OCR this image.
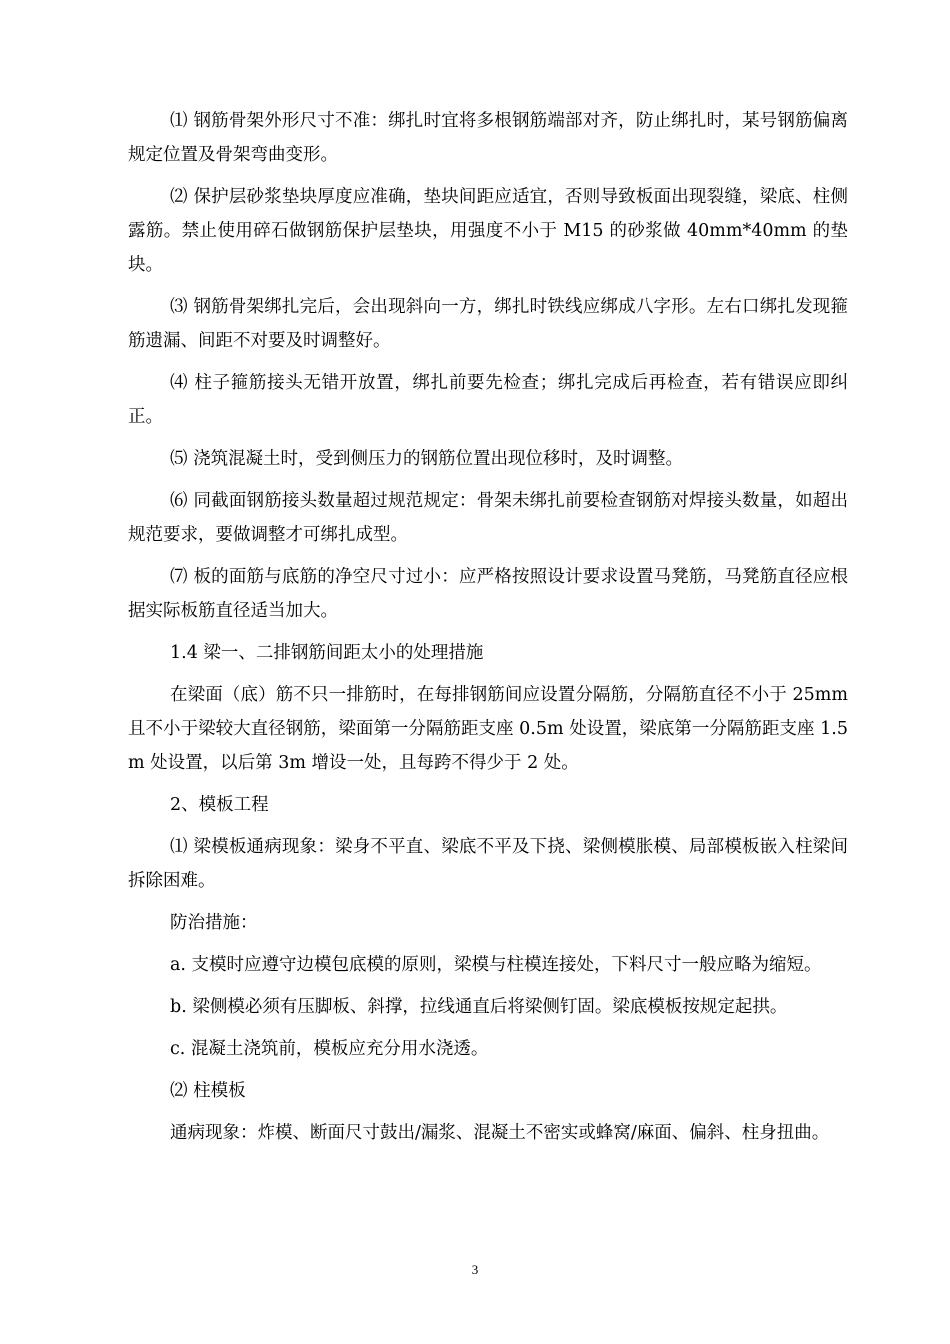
⑴ 钢筋骨架外形尺寸不准：绑扎时宜将多根钢筋端部对齐，防止绑扎时，某号钢筋偏离规定位置及骨架弯曲变形。

⑵ 保护层砂浆垫块厚度应准确，垫块间距应适宜，否则导致板面出现裂缝，梁底、柱侧露筋。禁止使用碎石做钢筋保护层垫块，用强度不小于 M15 的砂浆做 40mm*40mm 的垫块。

⑶ 钢筋骨架绑扎完后，会出现斜向一方，绑扎时铁线应绑成八字形。左右口绑扎发现箍筋遗漏、间距不对要及时调整好。

⑷ 柱子箍筋接头无错开放置，绑扎前要先检查；绑扎完成后再检查，若有错误应即纠正。

⑸ 浇筑混凝土时，受到侧压力的钢筋位置出现位移时，及时调整。

⑹ 同截面钢筋接头数量超过规范规定：骨架未绑扎前要检查钢筋对焊接头数量，如超出规范要求，要做调整才可绑扎成型。

⑺ 板的面筋与底筋的净空尺寸过小：应严格按照设计要求设置马凳筋，马凳筋直径应根据实际板筋直径适当加大。

1.4 梁一、二排钢筋间距太小的处理措施

在梁面（底）筋不只一排筋时，在每排钢筋间应设置分隔筋，分隔筋直径不小于 25mm 且不小于梁较大直径钢筋，梁面第一分隔筋距支座 0.5m 处设置，梁底第一分隔筋距支座 1.5m 处设置，以后第 3m 增设一处，且每跨不得少于 2 处。

2、模板工程

⑴ 梁模板通病现象：梁身不平直、梁底不平及下挠、梁侧模胀模、局部模板嵌入柱梁间拆除困难。

防治措施：

a. 支模时应遵守边模包底模的原则，梁模与柱模连接处，下料尺寸一般应略为缩短。

b. 梁侧模必须有压脚板、斜撑，拉线通直后将梁侧钉固。梁底模板按规定起拱。

c. 混凝土浇筑前，模板应充分用水浇透。

⑵ 柱模板

通病现象：炸模、断面尺寸鼓出/漏浆、混凝土不密实或蜂窝/麻面、偏斜、柱身扭曲。

3
